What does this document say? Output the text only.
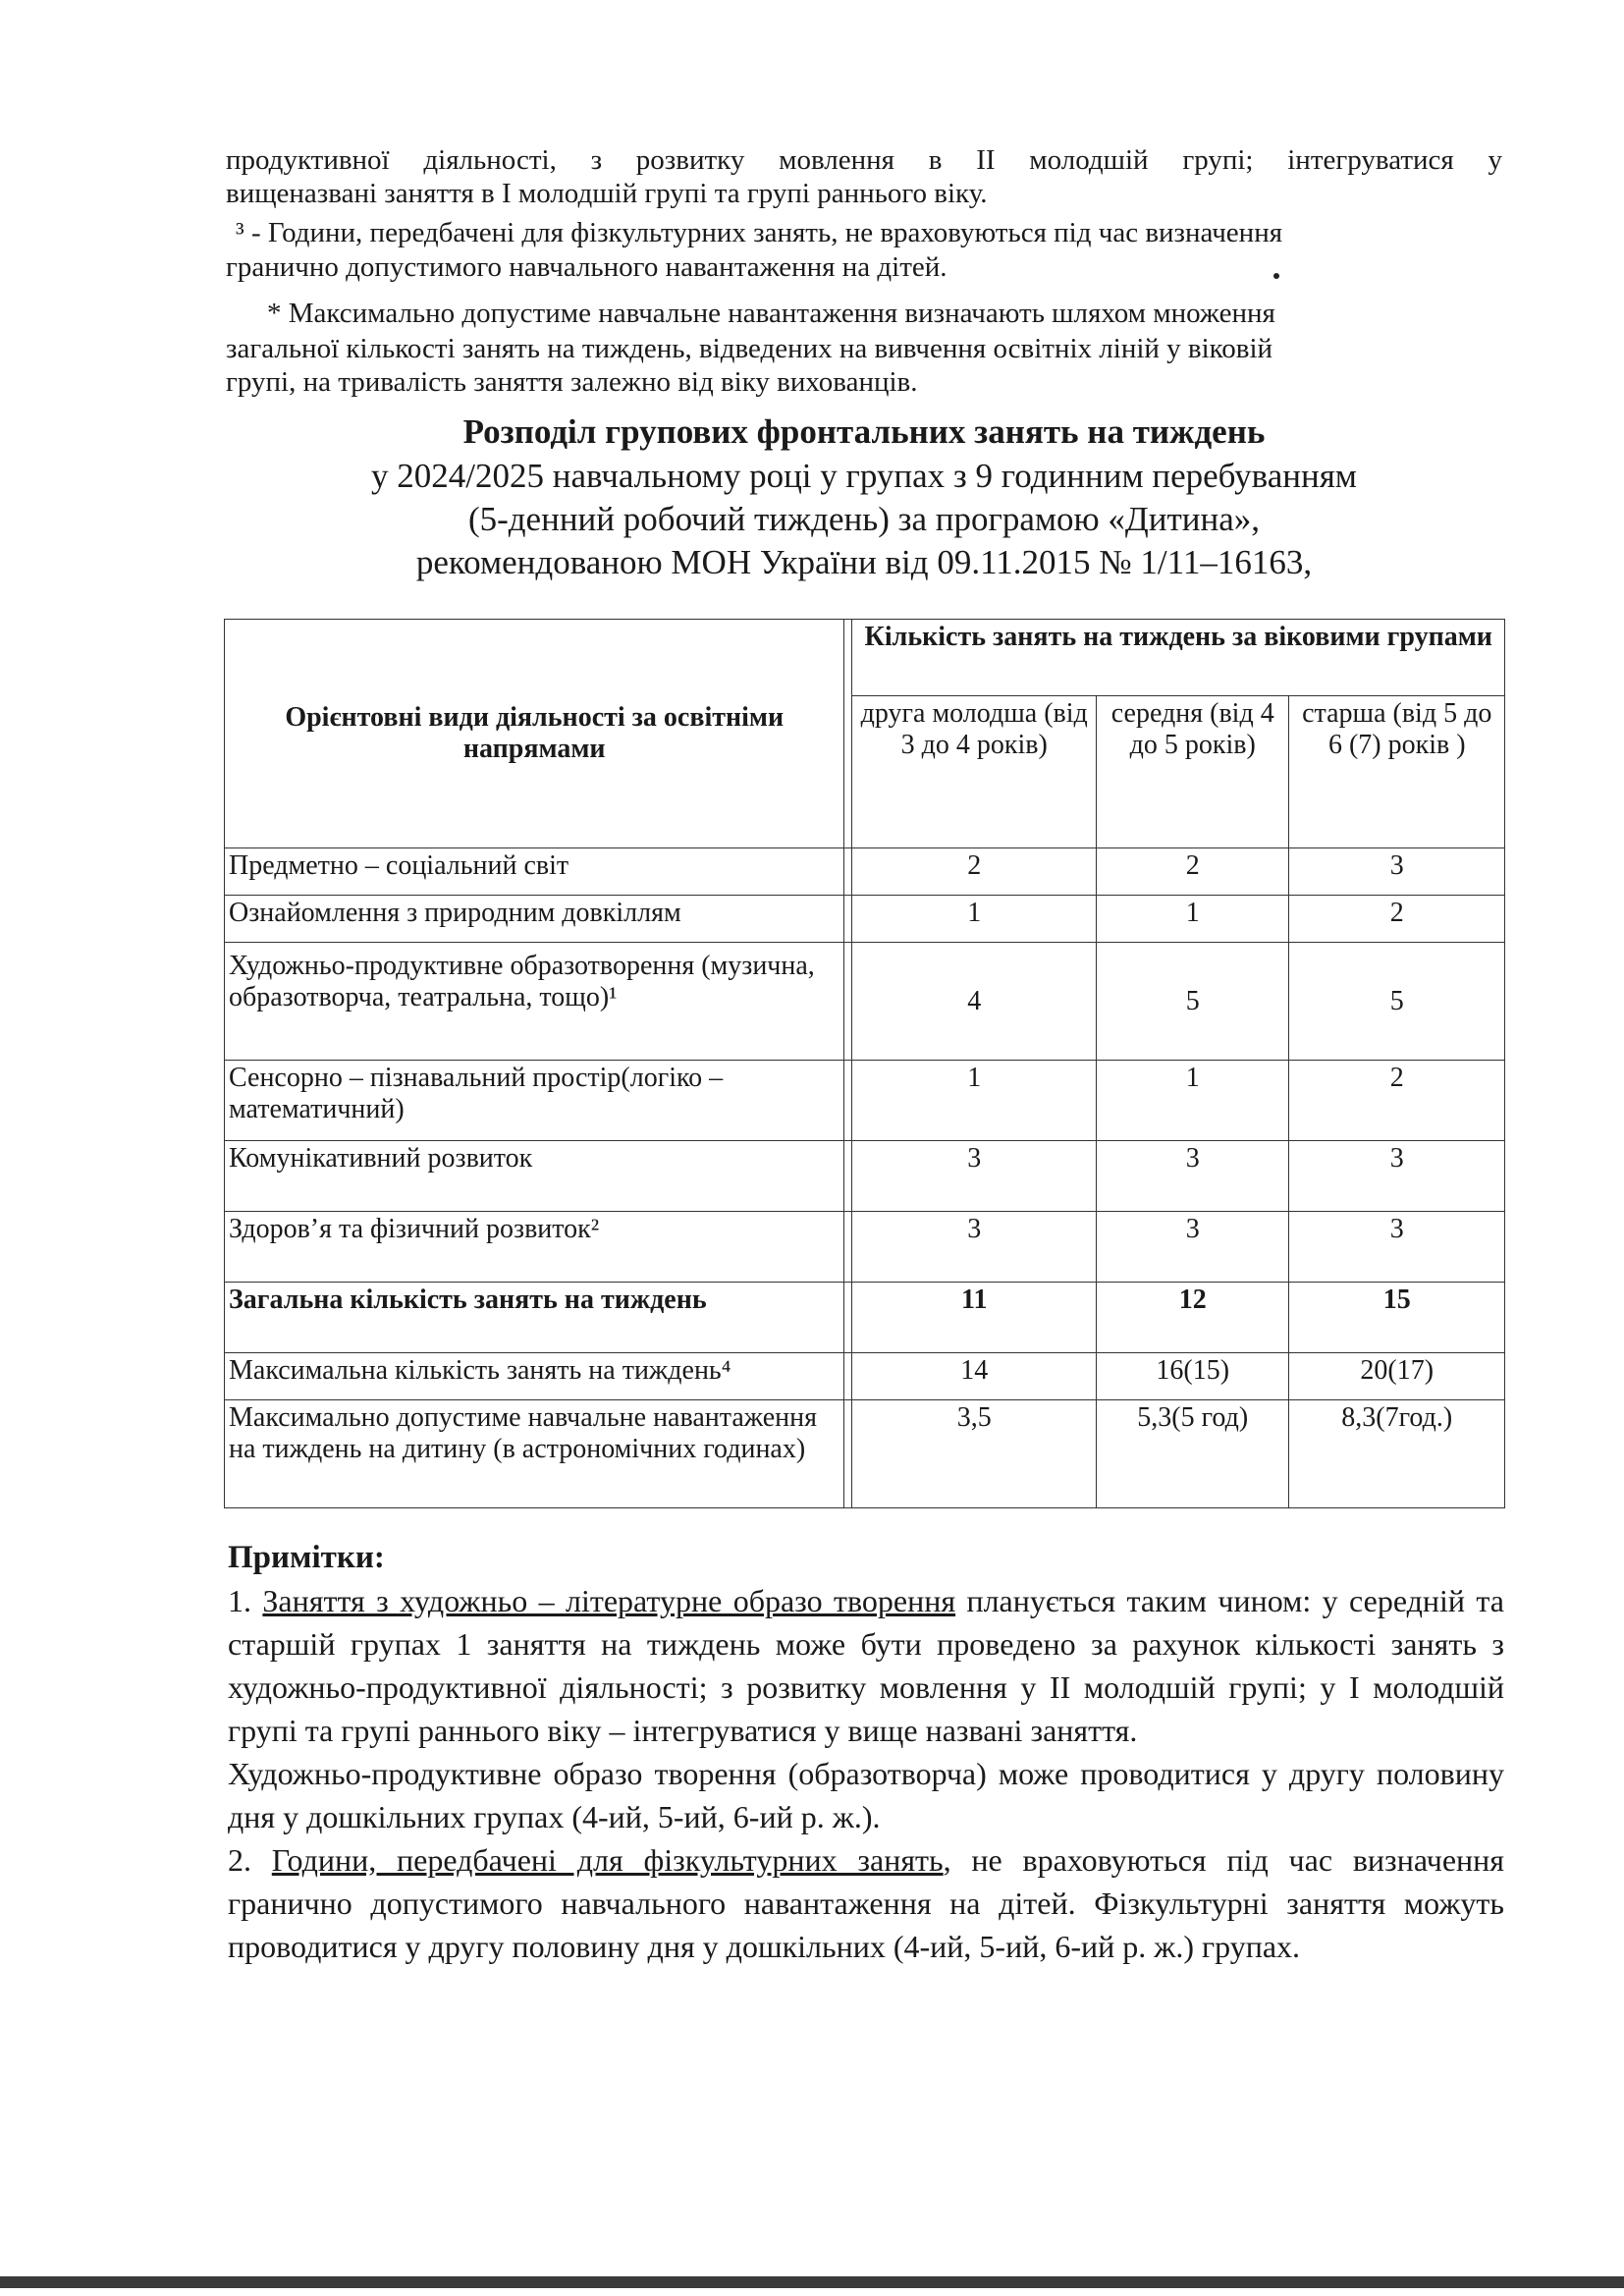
продуктивної діяльності, з розвитку мовлення в ІІ молодшій групі; інтегруватися у
вищеназвані заняття в І молодшій групі та групі раннього віку.
³ - Години, передбачені для фізкультурних занять, не враховуються під час визначення
гранично допустимого навчального навантаження на дітей.
* Максимально допустиме навчальне навантаження визначають шляхом множення
загальної кількості занять на тиждень, відведених на вивчення освітніх ліній у віковій
групі, на тривалість заняття залежно від віку вихованців.
Розподіл групових фронтальних занять на тиждень
у 2024/2025 навчальному році у групах з 9 годинним перебуванням
(5-денний робочий тиждень) за програмою «Дитина»,
рекомендованою МОН України від 09.11.2015 № 1/11–16163,
Орієнтовні види діяльності за освітніми напрямами		Кількість занять на тиждень за віковими групами		
		друга молодша (від 3 до 4 років)	середня (від 4 до 5 років)	старша (від 5 до 6 (7) років )
Предметно – соціальний світ		2	2	3
Ознайомлення з природним довкіллям		1	1	2
Художньо-продуктивне образотворення (музична, образотворча, театральна, тощо)¹		4	5	5
Сенсорно – пізнавальний простір(логіко – математичний)		1	1	2
Комунікативний розвиток		3	3	3
Здоров’я та фізичний розвиток²		3	3	3
Загальна кількість занять на тиждень		11	12	15
Максимальна кількість занять на тиждень⁴		14	16(15)	20(17)
Максимально допустиме навчальне навантаження на тиждень на дитину (в астрономічних годинах)		3,5	5,3(5 год)	8,3(7год.)
Примітки:
1. Заняття з художньо – літературне образо творення планується таким чином: у середній та старшій групах 1 заняття на тиждень може бути проведено за рахунок кількості занять з художньо-продуктивної діяльності; з розвитку мовлення у ІІ молодшій групі; у І молодшій групі та групі раннього віку – інтегруватися у вище названі заняття.
Художньо-продуктивне образо творення (образотворча) може проводитися у другу половину дня у дошкільних групах (4-ий, 5-ий, 6-ий р. ж.).
2. Години, передбачені для фізкультурних занять, не враховуються під час визначення гранично допустимого навчального навантаження на дітей. Фізкультурні заняття можуть проводитися у другу половину дня у дошкільних (4-ий, 5-ий, 6-ий р. ж.) групах.
